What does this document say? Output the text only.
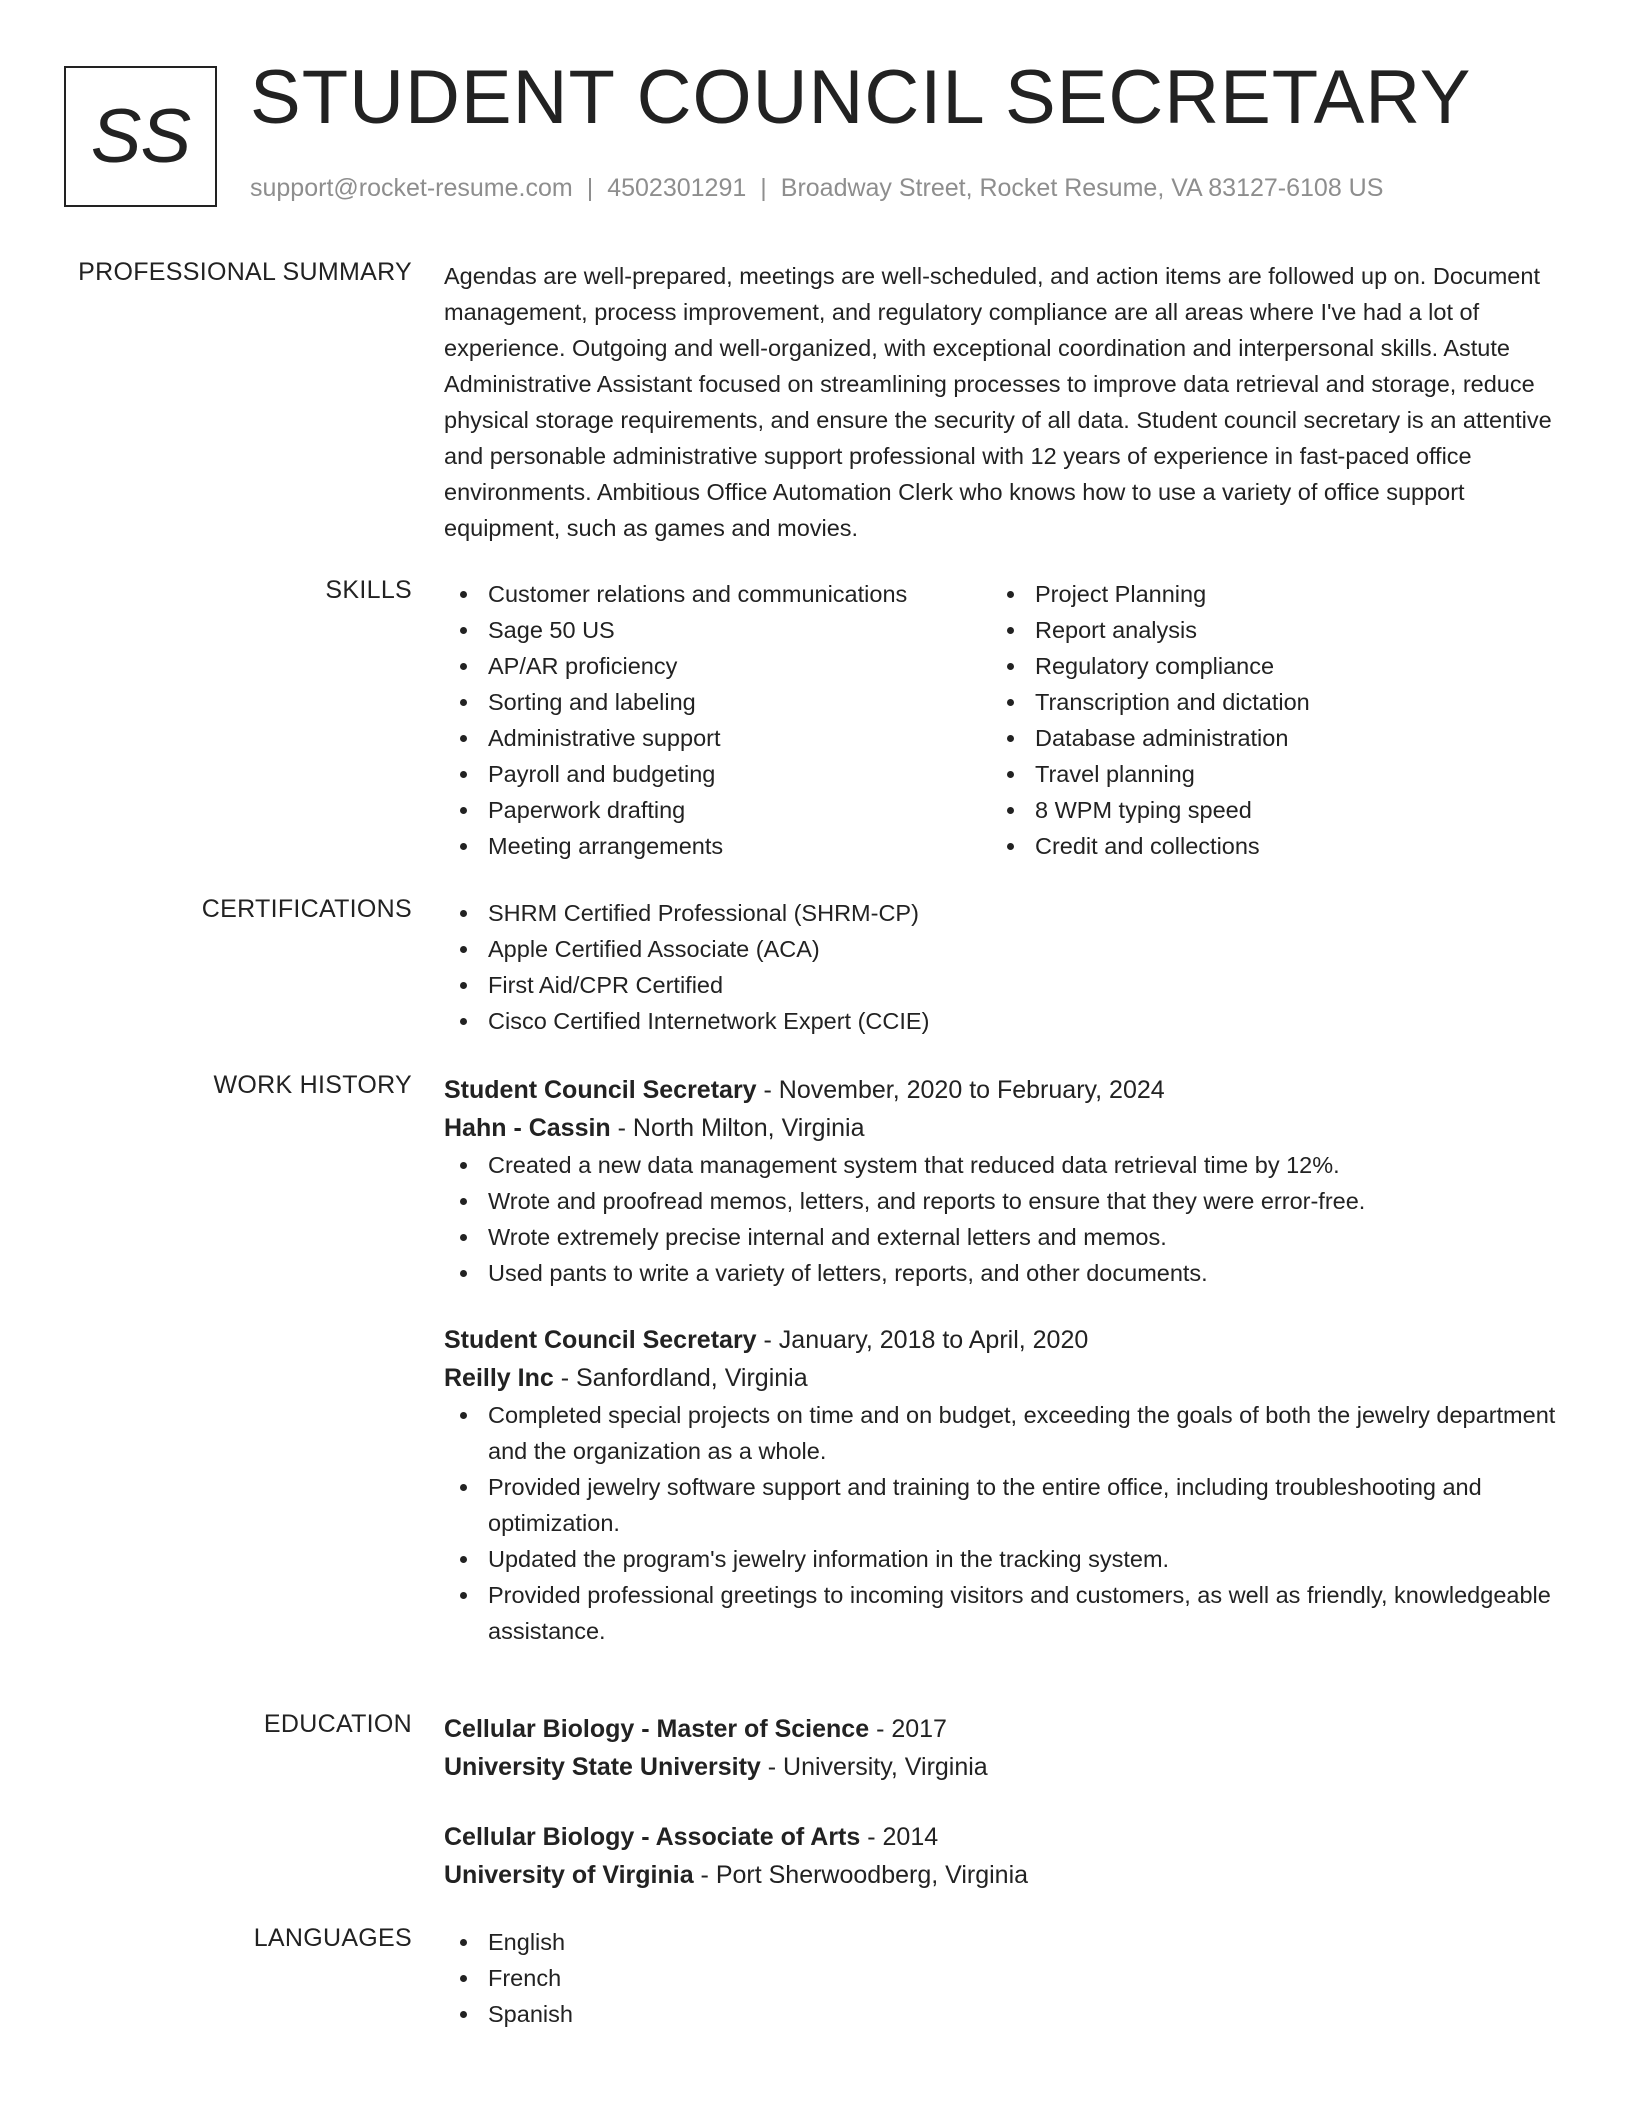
SS STUDENT COUNCIL SECRETARY
support@rocket-resume.com | 4502301291 | Broadway Street, Rocket Resume, VA 83127-6108 US
PROFESSIONAL SUMMARY Agendas are well-prepared, meetings are well-scheduled, and action items are followed up on. Document management, process improvement, and regulatory compliance are all areas where I've had a lot of experience. Outgoing and well-organized, with exceptional coordination and interpersonal skills. Astute Administrative Assistant focused on streamlining processes to improve data retrieval and storage, reduce physical storage requirements, and ensure the security of all data. Student council secretary is an attentive and personable administrative support professional with 12 years of experience in fast-paced office environments. Ambitious Office Automation Clerk who knows how to use a variety of office support equipment, such as games and movies.

SKILLS	Customer relations and communications
Sage 50 US
AP/AR proficiency
Sorting and labeling
Administrative support
Payroll and budgeting
Paperwork drafting
Meeting arrangements
Project Planning
Report analysis
Regulatory compliance
Transcription and dictation
Database administration
Travel planning
8 WPM typing speed
Credit and collections
CERTIFICATIONS	SHRM Certified Professional (SHRM-CP)
Apple Certified Associate (ACA)
First Aid/CPR Certified
Cisco Certified Internetwork Expert (CCIE)
WORK HISTORY Student Council Secretary - November, 2020 to February, 2024
Hahn - Cassin - North Milton, Virginia
Created a new data management system that reduced data retrieval time by 12%.
Wrote and proofread memos, letters, and reports to ensure that they were error-free.
Wrote extremely precise internal and external letters and memos.
Used pants to write a variety of letters, reports, and other documents.
Student Council Secretary - January, 2018 to April, 2020
Reilly Inc - Sanfordland, Virginia
Completed special projects on time and on budget, exceeding the goals of both the jewelry department and the organization as a whole.
Provided jewelry software support and training to the entire office, including troubleshooting and optimization.
Updated the program's jewelry information in the tracking system.
Provided professional greetings to incoming visitors and customers, as well as friendly, knowledgeable assistance.
EDUCATION Cellular Biology - Master of Science - 2017
University State University - University, Virginia
Cellular Biology - Associate of Arts - 2014
University of Virginia - Port Sherwoodberg, Virginia
LANGUAGES	English
French
Spanish
